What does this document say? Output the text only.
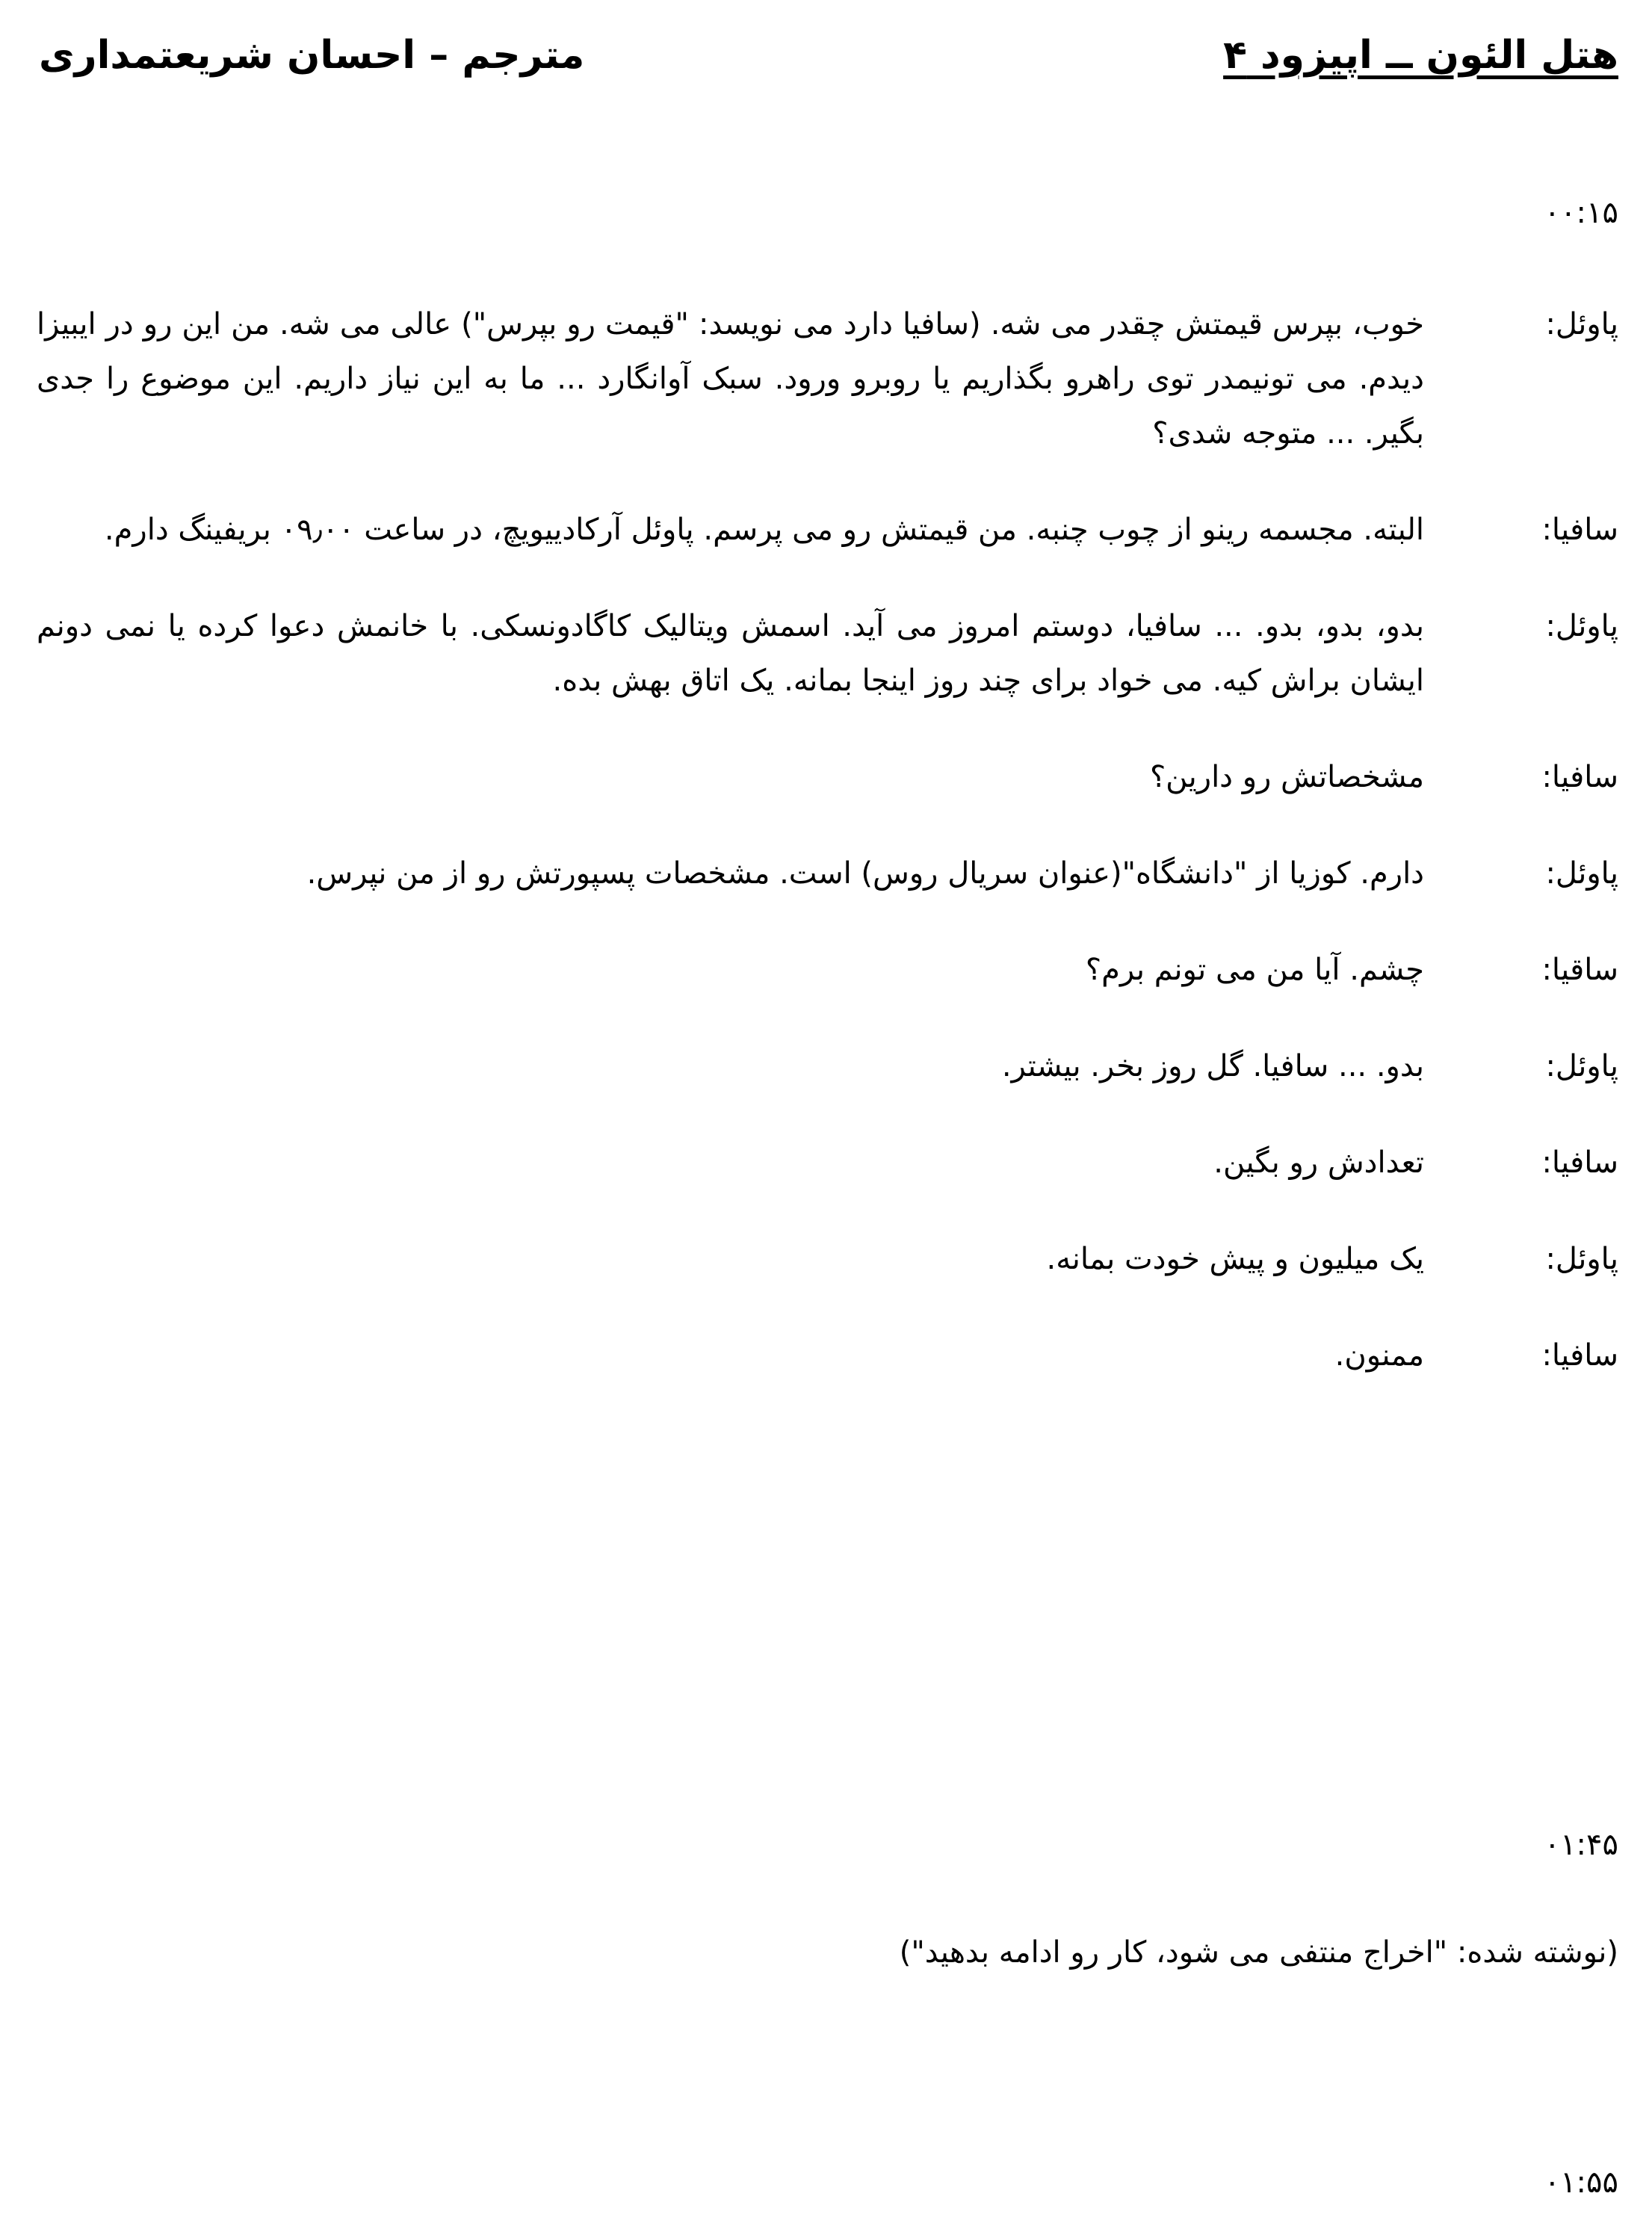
هتل الئون ــ اپیزود ۴
مترجم – احسان شریعتمداری
۰۰:۱۵
پاوئل:
خوب، بپرس قیمتش چقدر می شه. (سافیا دارد می نویسد: "قیمت رو بپرس") عالی می شه. من این رو در ایبیزا دیدم. می تونیمدر توی راهرو بگذاریم یا روبرو ورود. سبک آوانگارد ... ما به این نیاز داریم. این موضوع را جدی بگیر. ... متوجه شدی؟
سافیا:
البته. مجسمه رینو از چوب چنبه. من قیمتش رو می پرسم. پاوئل آرکادییویچ، در ساعت ۰۹٫۰۰ بریفینگ دارم.
پاوئل:
بدو، بدو، بدو. ... سافیا، دوستم امروز می آید. اسمش ویتالیک کاگادونسکی. با خانمش دعوا کرده یا نمی دونم ایشان براش کیه. می خواد برای چند روز اینجا بمانه. یک اتاق بهش بده.
سافیا:
مشخصاتش رو دارین؟
پاوئل:
دارم. کوزیا از "دانشگاه"(عنوان سریال روس) است. مشخصات پسپورتش رو از من نپرس.
ساقیا:
چشم. آیا من می تونم برم؟
پاوئل:
بدو. ... سافیا. گل روز بخر. بیشتر.
سافیا:
تعدادش رو بگین.
پاوئل:
یک میلیون و پیش خودت بمانه.
سافیا:
ممنون.
۰۱:۴۵
(نوشته شده: "اخراج منتفی می شود، کار رو ادامه بدهید")
۰۱:۵۵
